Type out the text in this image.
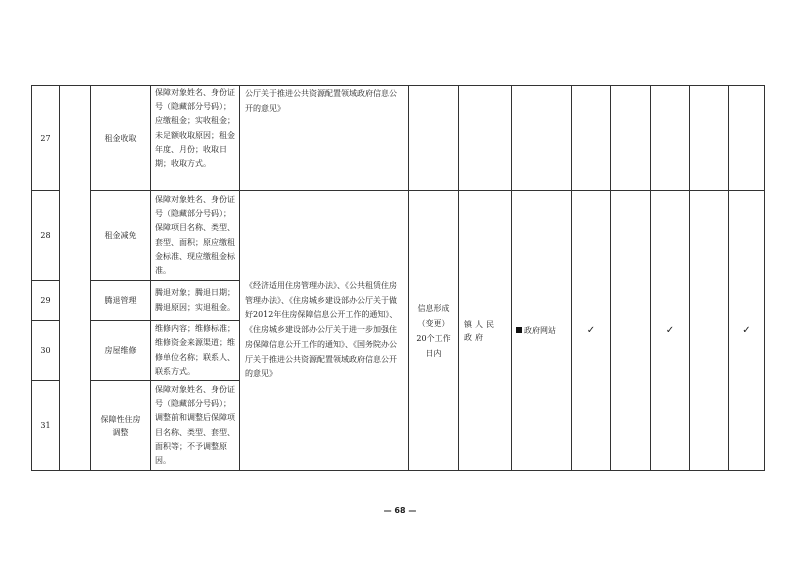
27		租金收取	保障对象姓名、身份证号（隐藏部分号码）；应缴租金；实收租金；未足额收取原因；租金年度、月份；收取日期；收取方式。	公厅关于推进公共资源配置领域政府信息公开的意见》									
28		租金减免	保障对象姓名、身份证号（隐藏部分号码）；保障项目名称、类型、套型、面积；原应缴租金标准、现应缴租金标准。	《经济适用住房管理办法》、《公共租赁住房管理办法》、《住房城乡建设部办公厅关于做好2012年住房保障信息公开工作的通知》、《住房城乡建设部办公厅关于进一步加强住房保障信息公开工作的通知》、《国务院办公厅关于推进公共资源配置领域政府信息公开的意见》	信息形成（变更）20个工作日内	镇人民政府	政府网站	✓		✓		✓	
29		腾退管理	腾退对象；腾退日期；腾退原因；实退租金。										
30		房屋维修	维修内容；维修标准；维修资金来源渠道；维修单位名称；联系人、联系方式。										
31		保障性住房调整	保障对象姓名、身份证号（隐藏部分号码）；调整前和调整后保障项目名称、类型、套型、面积等；不予调整原因。										
— 68 —
